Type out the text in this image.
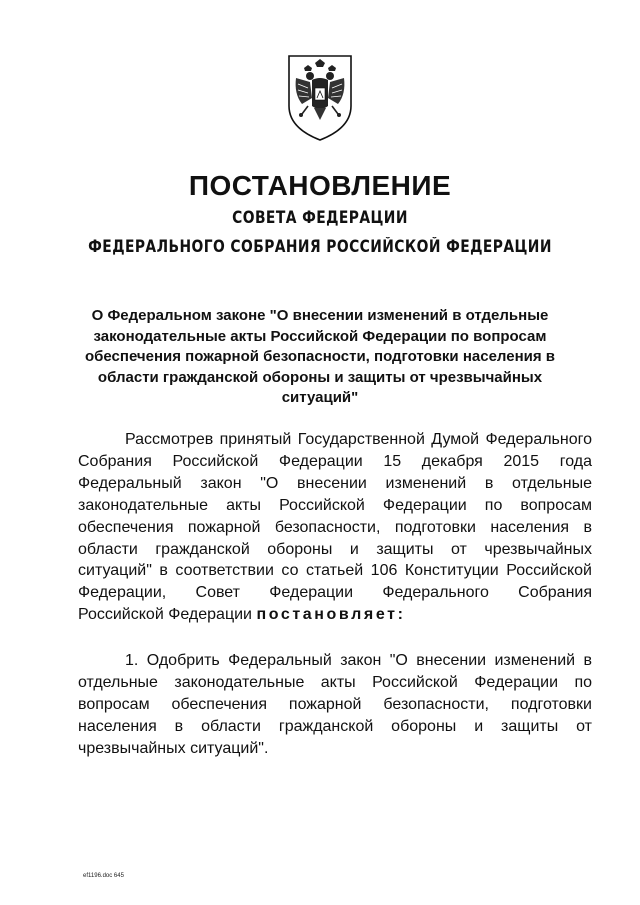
ПОСТАНОВЛЕНИЕ
СОВЕТА ФЕДЕРАЦИИ
ФЕДЕРАЛЬНОГО СОБРАНИЯ РОССИЙСКОЙ ФЕДЕРАЦИИ
О Федеральном законе "О внесении изменений в отдельные
законодательные акты Российской Федерации по вопросам
обеспечения пожарной безопасности, подготовки населения в
области гражданской обороны и защиты от чрезвычайных ситуаций"
Рассмотрев принятый Государственной Думой Федерального
Собрания Российской Федерации 15 декабря 2015 года
Федеральный закон "О внесении изменений в отдельные
законодательные акты Российской Федерации по вопросам
обеспечения пожарной безопасности, подготовки населения в
области гражданской обороны и защиты от чрезвычайных
ситуаций" в соответствии со статьей 106 Конституции Российской
Федерации, Совет Федерации Федерального Собрания
Российской Федерации постановляет:
1. Одобрить Федеральный закон "О внесении изменений в
отдельные законодательные акты Российской Федерации по
вопросам обеспечения пожарной безопасности, подготовки
населения в области гражданской обороны и защиты от
чрезвычайных ситуаций".
ef1196.doc 645
